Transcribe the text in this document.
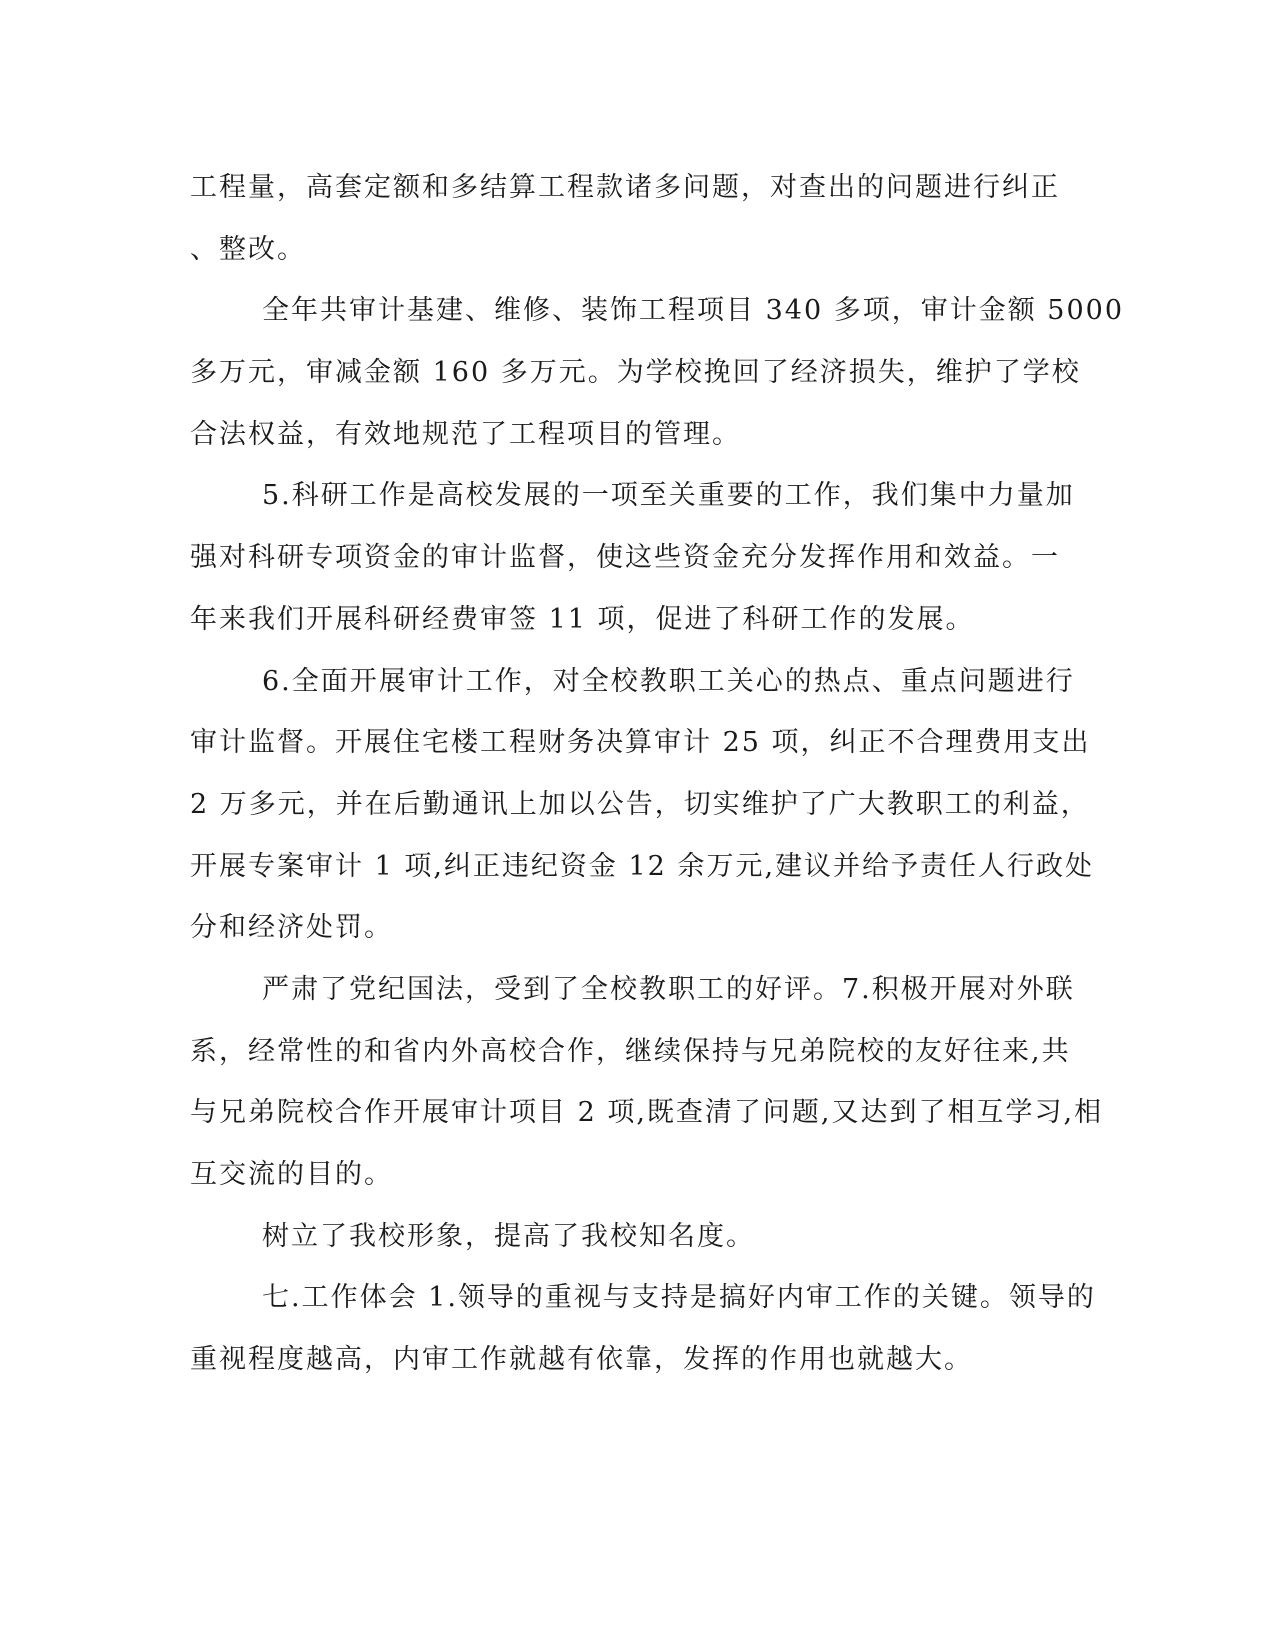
工程量，高套定额和多结算工程款诸多问题，对查出的问题进行纠正
、整改。
全年共审计基建、维修、装饰工程项目 340 多项，审计金额 5000
多万元，审减金额 160 多万元。为学校挽回了经济损失，维护了学校
合法权益，有效地规范了工程项目的管理。
5.科研工作是高校发展的一项至关重要的工作，我们集中力量加
强对科研专项资金的审计监督，使这些资金充分发挥作用和效益。一
年来我们开展科研经费审签 11 项，促进了科研工作的发展。
6.全面开展审计工作，对全校教职工关心的热点、重点问题进行
审计监督。开展住宅楼工程财务决算审计 25 项，纠正不合理费用支出
2 万多元，并在后勤通讯上加以公告，切实维护了广大教职工的利益，
开展专案审计 1 项,纠正违纪资金 12 余万元,建议并给予责任人行政处
分和经济处罚。
严肃了党纪国法，受到了全校教职工的好评。7.积极开展对外联
系，经常性的和省内外高校合作，继续保持与兄弟院校的友好往来,共
与兄弟院校合作开展审计项目 2 项,既查清了问题,又达到了相互学习,相
互交流的目的。
树立了我校形象，提高了我校知名度。
七.工作体会 1.领导的重视与支持是搞好内审工作的关键。领导的
重视程度越高，内审工作就越有依靠，发挥的作用也就越大。
